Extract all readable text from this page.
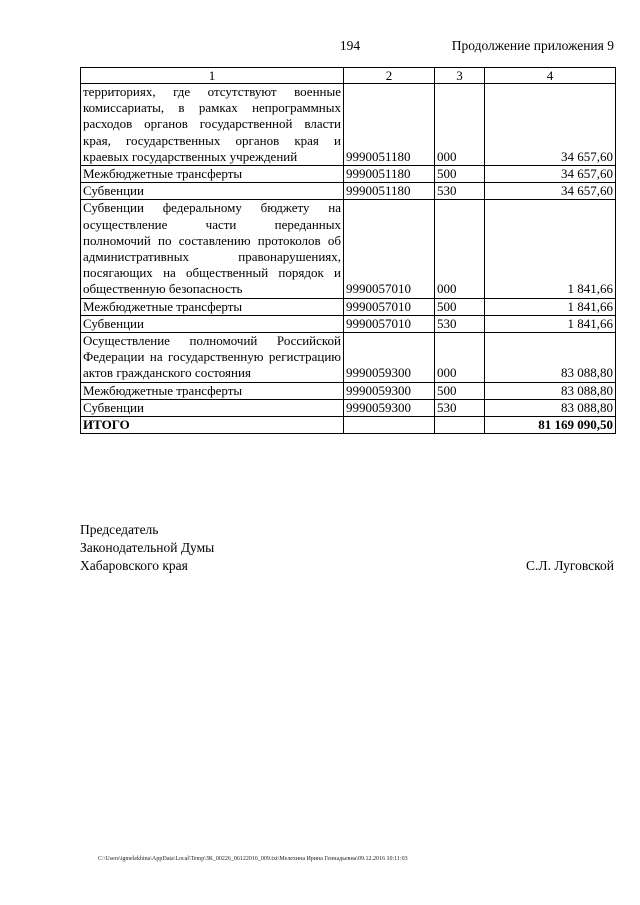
194	Продолжение приложения 9
1	2	3	4
территориях, где отсутствуют военные комиссариаты, в рамках непрограммных расходов органов государственной власти края, государственных органов края и краевых государственных учреждений	9990051180	000	34 657,60
Межбюджетные трансферты	9990051180	500	34 657,60
Субвенции	9990051180	530	34 657,60
Субвенции федеральному бюджету на осуществление части переданных полномочий по составлению протоколов об административных правонарушениях, посягающих на общественный порядок и общественную безопасность	9990057010	000	1 841,66
Межбюджетные трансферты	9990057010	500	1 841,66
Субвенции	9990057010	530	1 841,66
Осуществление полномочий Российской Федерации на государственную регистрацию актов гражданского состояния	9990059300	000	83 088,80
Межбюджетные трансферты	9990059300	500	83 088,80
Субвенции	9990059300	530	83 088,80
ИТОГО			81 169 090,50
Председатель
Законодательной Думы
Хабаровского края	С.Л. Луговской
C:\Users\igmelekhina\AppData\Local\Temp\ЗК_00226_06122016_009.txt\Мелехина Ирина Геннадьевна\09.12.2016 10:11:03
